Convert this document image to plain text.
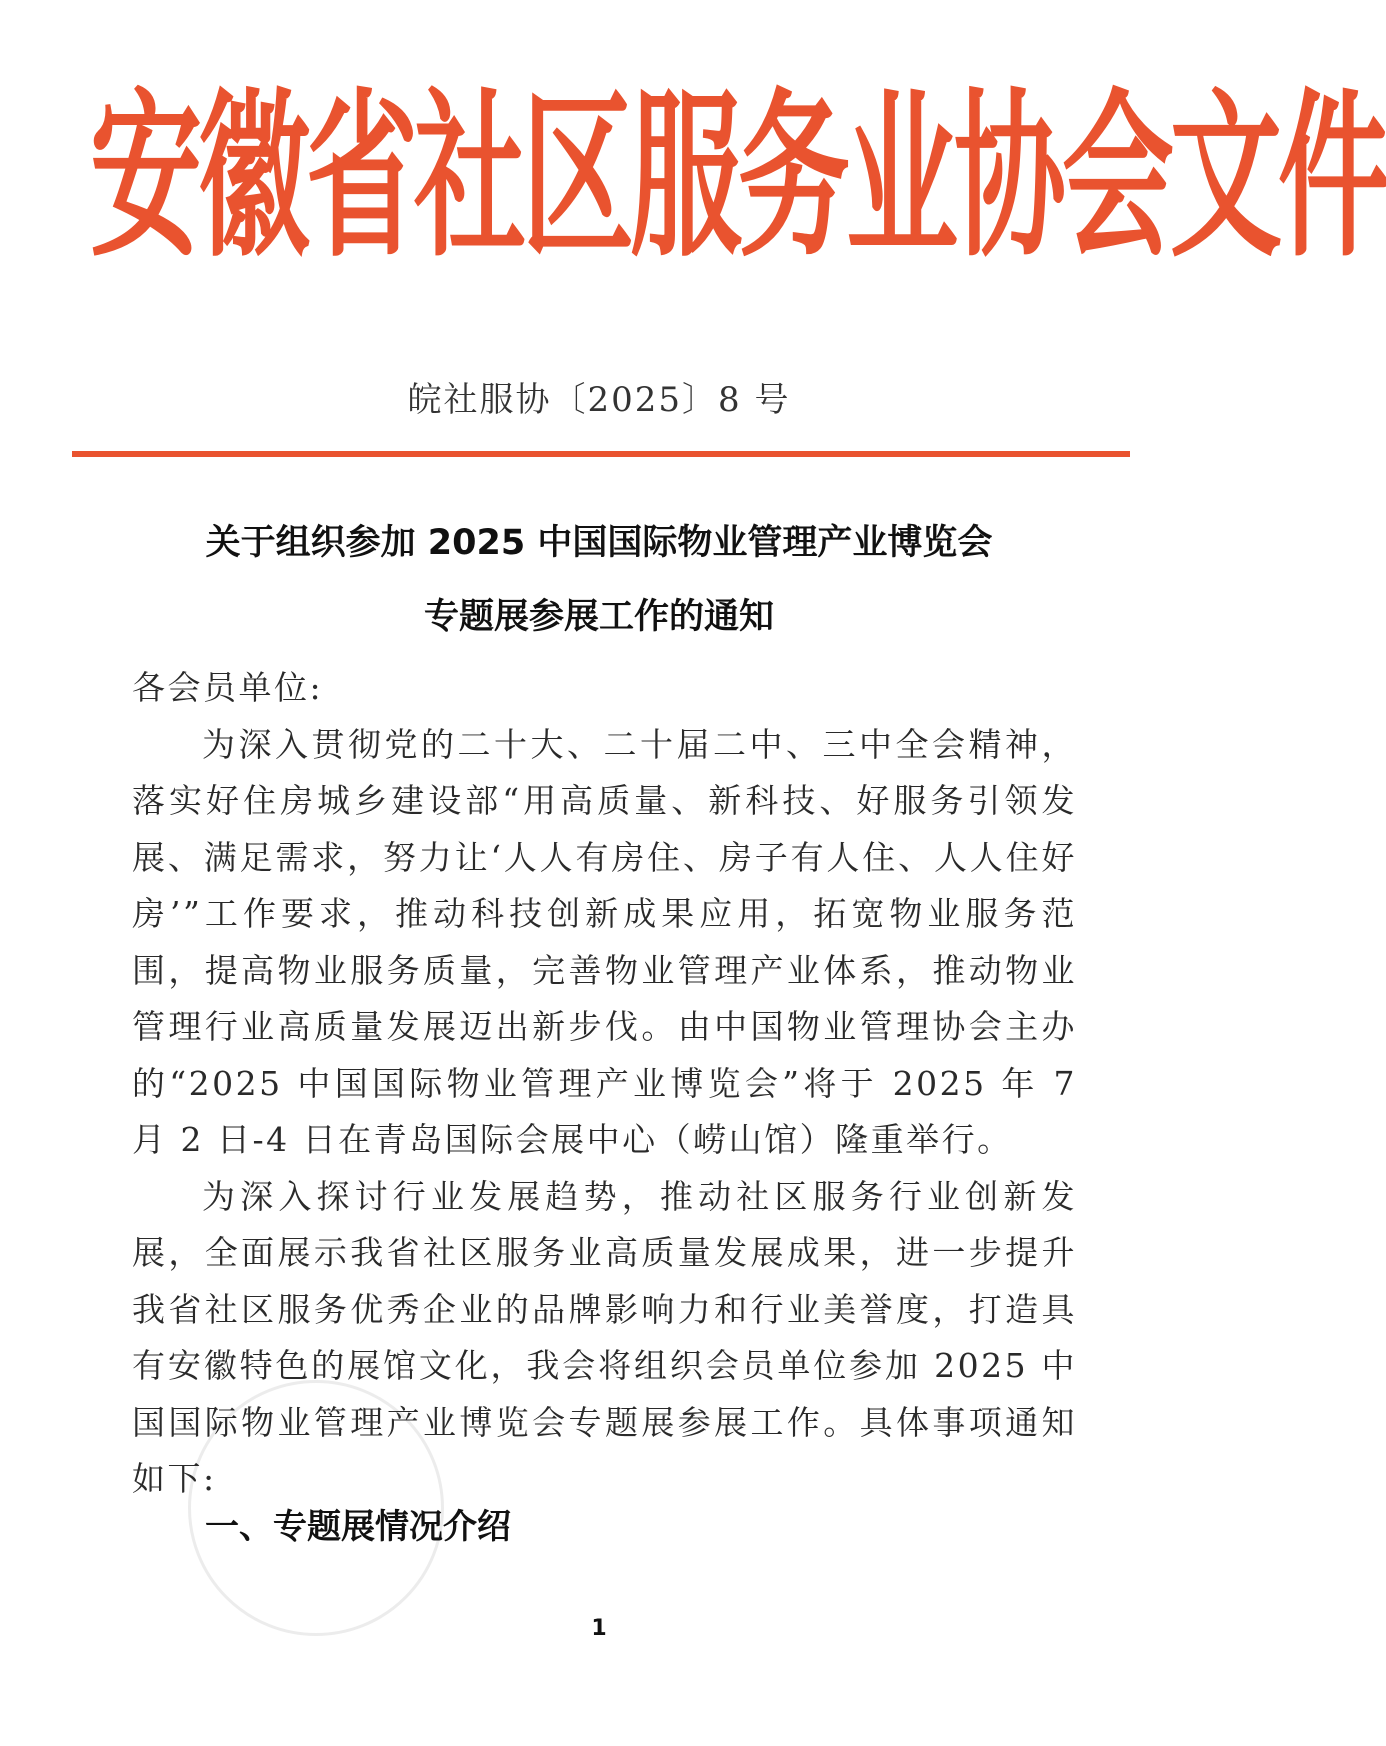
安徽省社区服务业协会文件
皖社服协〔2025〕8 号
关于组织参加 2025 中国国际物业管理产业博览会
专题展参展工作的通知

各会员单位:

为深入贯彻党的二十大、二十届二中、三中全会精神，落实好住房城乡建设部“用高质量、新科技、好服务引领发展、满足需求，努力让‘人人有房住、房子有人住、人人住好房’”工作要求，推动科技创新成果应用，拓宽物业服务范围，提高物业服务质量，完善物业管理产业体系，推动物业管理行业高质量发展迈出新步伐。由中国物业管理协会主办的“2025 中国国际物业管理产业博览会”将于 2025 年 7 月 2 日-4 日在青岛国际会展中心（崂山馆）隆重举行。

为深入探讨行业发展趋势，推动社区服务行业创新发展，全面展示我省社区服务业高质量发展成果，进一步提升我省社区服务优秀企业的品牌影响力和行业美誉度，打造具有安徽特色的展馆文化，我会将组织会员单位参加 2025 中国国际物业管理产业博览会专题展参展工作。具体事项通知如下:

一、专题展情况介绍
1
